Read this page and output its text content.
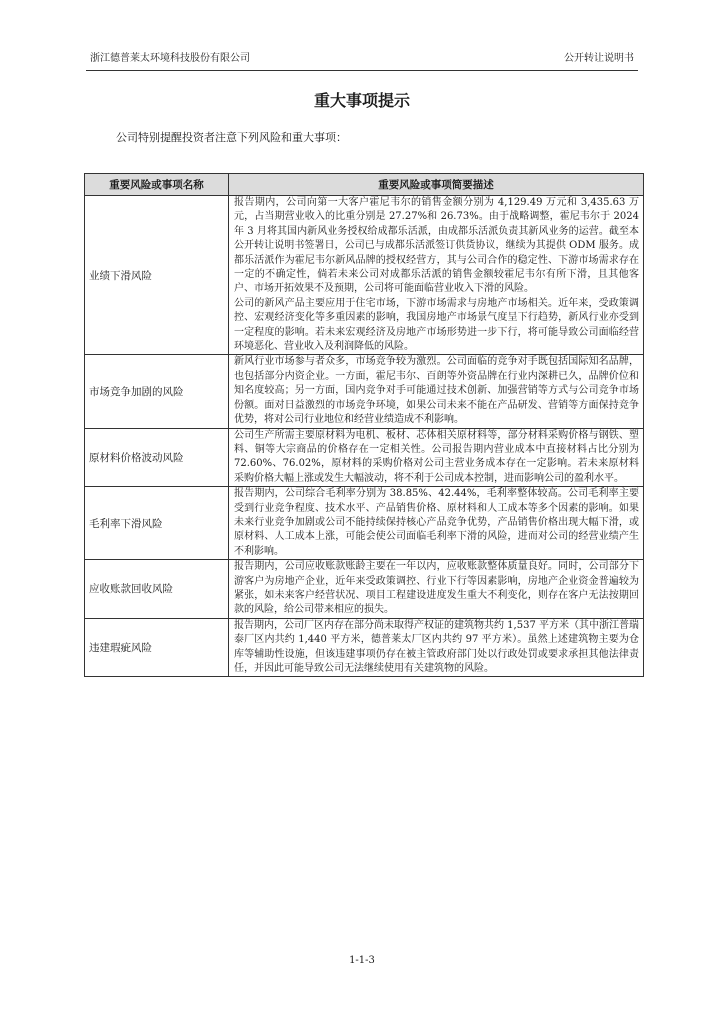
浙江德普莱太环境科技股份有限公司	公开转让说明书
重大事项提示
公司特别提醒投资者注意下列风险和重大事项：
重要风险或事项名称	重要风险或事项简要描述
业绩下滑风险	报告期内，公司向第一大客户霍尼韦尔的销售金额分别为 4,129.49 万元和 3,435.63 万元，占当期营业收入的比重分别是 27.27%和 26.73%。由于战略调整，霍尼韦尔于 2024 年 3 月将其国内新风业务授权给成都乐活派，由成都乐活派负责其新风业务的运营。截至本公开转让说明书签署日，公司已与成都乐活派签订供货协议，继续为其提供 ODM 服务。成都乐活派作为霍尼韦尔新风品牌的授权经营方，其与公司合作的稳定性、下游市场需求存在一定的不确定性，倘若未来公司对成都乐活派的销售金额较霍尼韦尔有所下滑，且其他客户、市场开拓效果不及预期，公司将可能面临营业收入下滑的风险。

公司的新风产品主要应用于住宅市场，下游市场需求与房地产市场相关。近年来，受政策调控、宏观经济变化等多重因素的影响，我国房地产市场景气度呈下行趋势，新风行业亦受到一定程度的影响。若未来宏观经济及房地产市场形势进一步下行，将可能导致公司面临经营环境恶化、营业收入及利润降低的风险。

市场竞争加剧的风险	新风行业市场参与者众多，市场竞争较为激烈。公司面临的竞争对手既包括国际知名品牌，也包括部分内资企业。一方面，霍尼韦尔、百朗等外资品牌在行业内深耕已久，品牌价位和知名度较高；另一方面，国内竞争对手可能通过技术创新、加强营销等方式与公司竞争市场份额。面对日益激烈的市场竞争环境，如果公司未来不能在产品研发、营销等方面保持竞争优势，将对公司行业地位和经营业绩造成不利影响。

原材料价格波动风险	公司生产所需主要原材料为电机、板材、芯体相关原材料等，部分材料采购价格与钢铁、塑料、铜等大宗商品的价格存在一定相关性。公司报告期内营业成本中直接材料占比分别为 72.60%、76.02%，原材料的采购价格对公司主营业务成本存在一定影响。若未来原材料采购价格大幅上涨或发生大幅波动，将不利于公司成本控制，进而影响公司的盈利水平。

毛利率下滑风险	报告期内，公司综合毛利率分别为 38.85%、42.44%，毛利率整体较高。公司毛利率主要受到行业竞争程度、技术水平、产品销售价格、原材料和人工成本等多个因素的影响。如果未来行业竞争加剧或公司不能持续保持核心产品竞争优势，产品销售价格出现大幅下滑，或原材料、人工成本上涨，可能会使公司面临毛利率下滑的风险，进而对公司的经营业绩产生不利影响。

应收账款回收风险	报告期内，公司应收账款账龄主要在一年以内，应收账款整体质量良好。同时，公司部分下游客户为房地产企业，近年来受政策调控、行业下行等因素影响，房地产企业资金普遍较为紧张，如未来客户经营状况、项目工程建设进度发生重大不利变化，则存在客户无法按期回款的风险，给公司带来相应的损失。

违建瑕疵风险	报告期内，公司厂区内存在部分尚未取得产权证的建筑物共约 1,537 平方米（其中浙江普瑞泰厂区内共约 1,440 平方米，德普莱太厂区内共约 97 平方米）。虽然上述建筑物主要为仓库等辅助性设施，但该违建事项仍存在被主管政府部门处以行政处罚或要求承担其他法律责任，并因此可能导致公司无法继续使用有关建筑物的风险。

1-1-3
